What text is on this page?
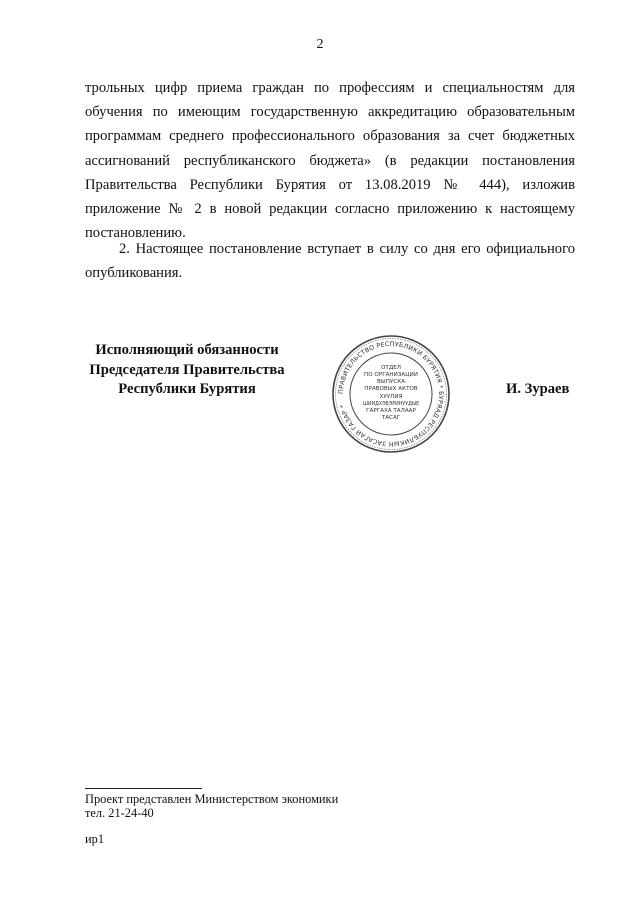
2
трольных цифр приема граждан по профессиям и специальностям для обучения по имеющим государственную аккредитацию образовательным программам среднего профессионального образования за счет бюджетных ассигнований республиканского бюджета» (в редакции постановления Правительства Республики Бурятия от 13.08.2019 № 444), изложив приложение № 2 в новой редакции согласно приложению к настоящему постановлению.
2. Настоящее постановление вступает в силу со дня его официального опубликования.
Исполняющий обязанности
Председателя Правительства
Республики Бурятия	ПРАВИТЕЛЬСТВО РЕСПУБЛИКИ БУРЯТИЯ * БУРЯАД РЕСПУБЛИКЫН ЗАСАГАЙ ГАЗАР *
ОТДЕЛ
ПО ОРГАНИЗАЦИИ
ВЫПУСКА
ПРАВОВЫХ АКТОВ
ХУУЛИЯ
ШИИДХЭБЭРИНУУДЫЕ
ГАРГАХА ТАЛААР
ТАСАГ
И. Зураев
Проект представлен Министерством экономики
тел. 21-24-40
ир1
